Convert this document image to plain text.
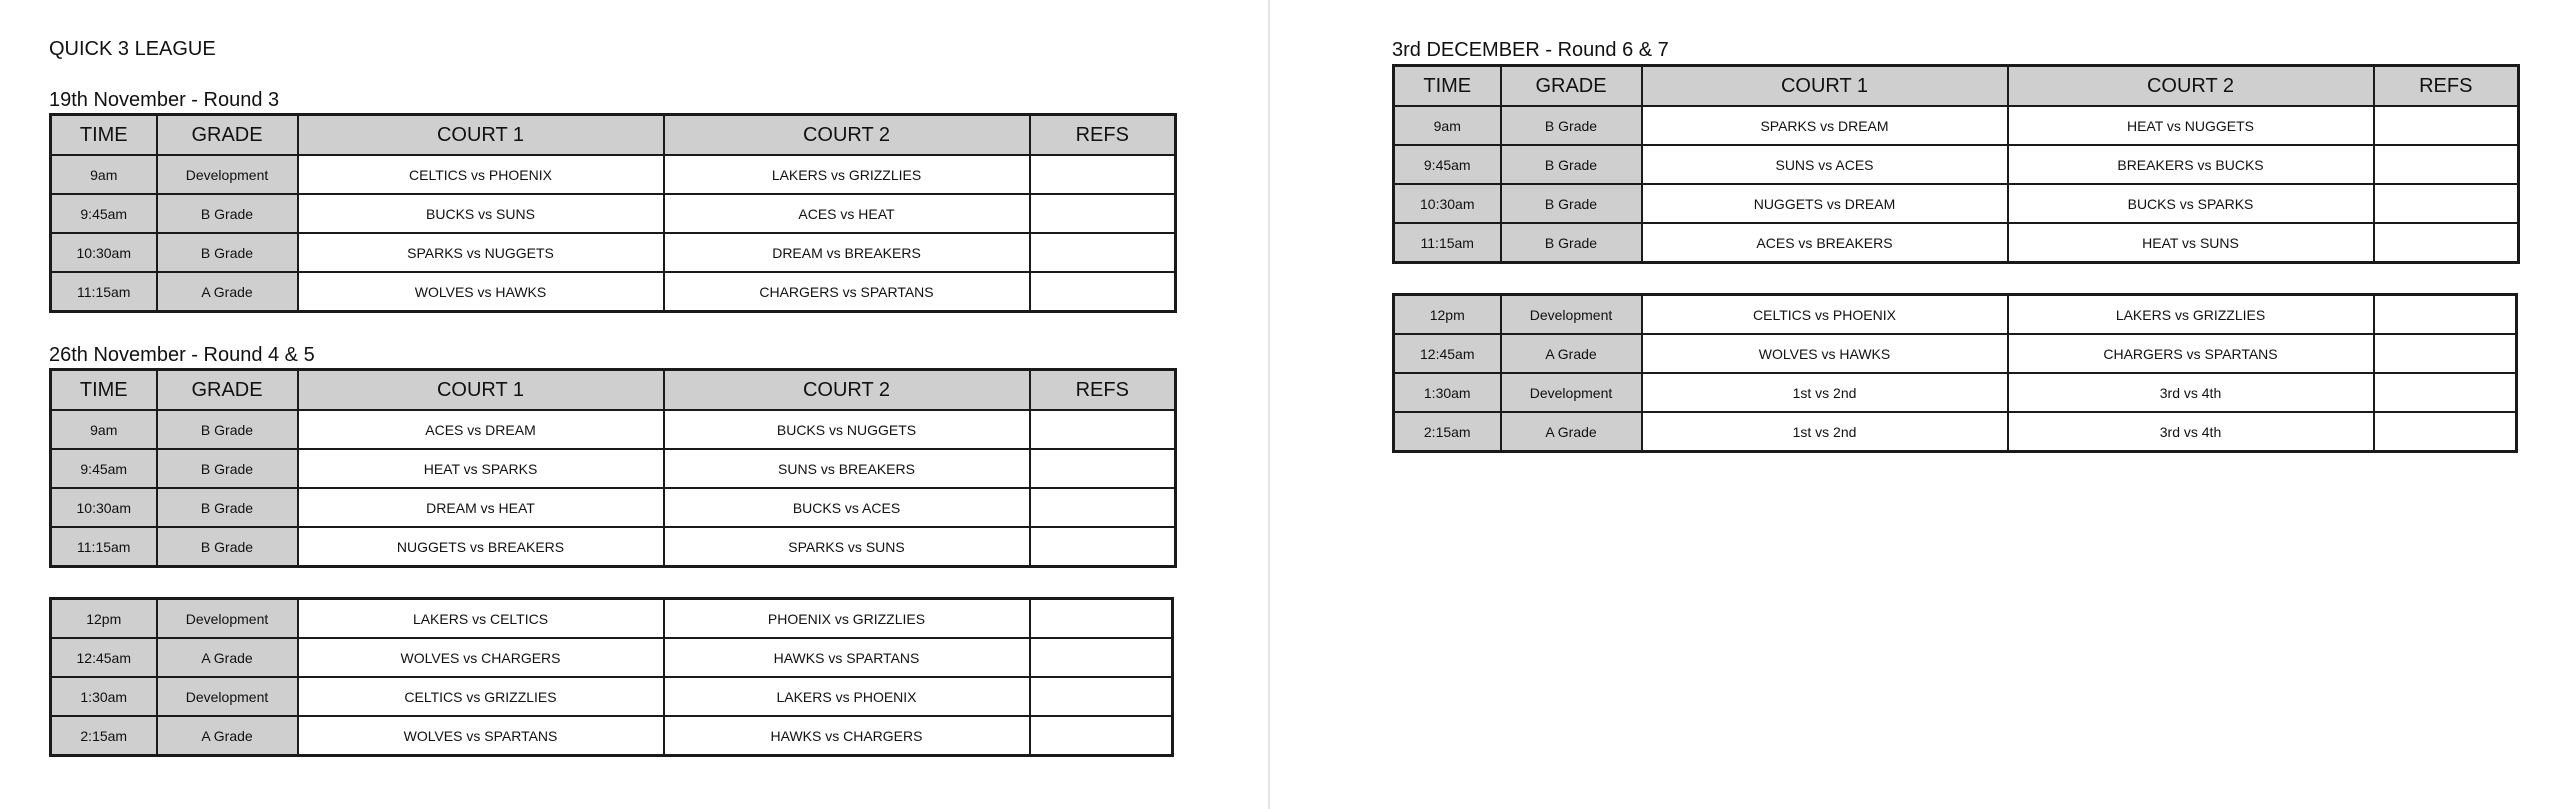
QUICK 3 LEAGUE
19th November - Round 3
TIME	GRADE	COURT 1	COURT 2	REFS
9am	Development	CELTICS vs PHOENIX	LAKERS vs GRIZZLIES	
9:45am	B Grade	BUCKS vs SUNS	ACES vs HEAT	
10:30am	B Grade	SPARKS vs NUGGETS	DREAM vs BREAKERS	
11:15am	A Grade	WOLVES vs HAWKS	CHARGERS vs SPARTANS	
26th November - Round 4 & 5
TIME	GRADE	COURT 1	COURT 2	REFS
9am	B Grade	ACES vs DREAM	BUCKS vs NUGGETS	
9:45am	B Grade	HEAT vs SPARKS	SUNS vs BREAKERS	
10:30am	B Grade	DREAM vs HEAT	BUCKS vs ACES	
11:15am	B Grade	NUGGETS vs BREAKERS	SPARKS vs SUNS	
12pm	Development	LAKERS vs CELTICS	PHOENIX vs GRIZZLIES	
12:45am	A Grade	WOLVES vs CHARGERS	HAWKS vs SPARTANS	
1:30am	Development	CELTICS vs GRIZZLIES	LAKERS vs PHOENIX	
2:15am	A Grade	WOLVES vs SPARTANS	HAWKS vs CHARGERS	
3rd DECEMBER - Round 6 & 7
TIME	GRADE	COURT 1	COURT 2	REFS
9am	B Grade	SPARKS vs DREAM	HEAT vs NUGGETS	
9:45am	B Grade	SUNS vs ACES	BREAKERS vs BUCKS	
10:30am	B Grade	NUGGETS vs DREAM	BUCKS vs SPARKS	
11:15am	B Grade	ACES vs BREAKERS	HEAT vs SUNS	
12pm	Development	CELTICS vs PHOENIX	LAKERS vs GRIZZLIES	
12:45am	A Grade	WOLVES vs HAWKS	CHARGERS vs SPARTANS	
1:30am	Development	1st vs 2nd	3rd vs 4th	
2:15am	A Grade	1st vs 2nd	3rd vs 4th	
